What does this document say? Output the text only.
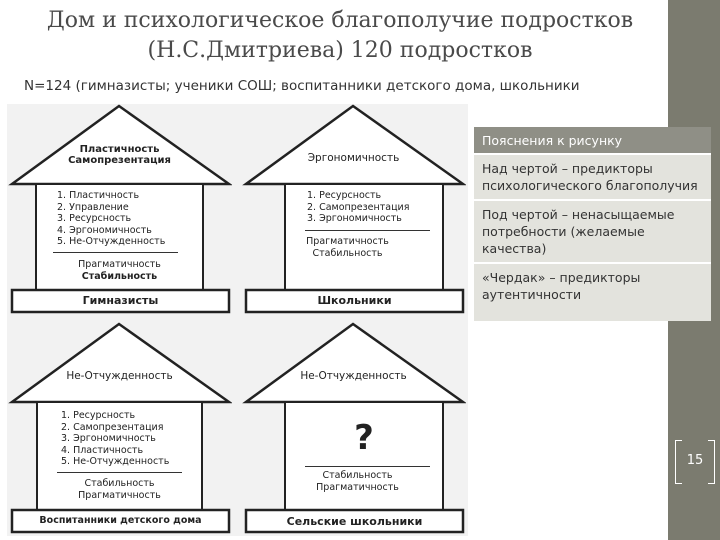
Дом и психологическое благополучие подростков
(Н.С.Дмитриева) 120 подростков
N=124 (гимназисты; ученики СОШ; воспитанники детского дома, школьники
Пластичность
Самопрезентация
1. Пластичность
2. Управление
3. Ресурсность
4. Эргономичность
5. Не-Отчужденность
Прагматичность
Стабильность
Гимназисты
Эргономичность
1. Ресурсность
2. Самопрезентация
3. Эргономичность
Прагматичность
Стабильность
Школьники
Не-Отчужденность
1. Ресурсность
2. Самопрезентация
3. Эргономичность
4. Пластичность
5. Не-Отчужденность
Стабильность
Прагматичность
Воспитанники детского дома
Не-Отчужденность
?
Стабильность
Прагматичность
Сельские школьники
Пояснения к рисунку
Над чертой – предикторы психологического благополучия
Под чертой – ненасыщаемые потребности (желаемые качества)
«Чердак» – предикторы аутентичности
15
